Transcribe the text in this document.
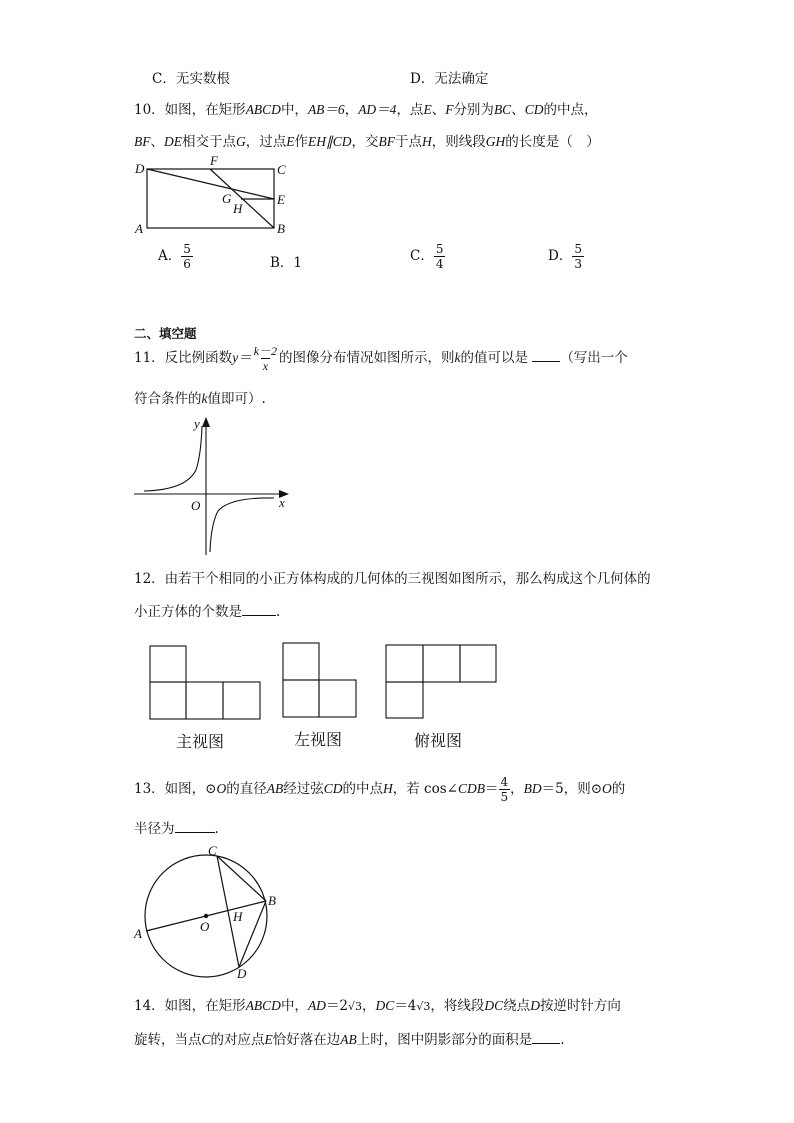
C．无实数根	D．无法确定
10．如图，在矩形ABCD中，AB＝6，AD＝4，点E、F分别为BC、CD的中点，
BF、DE相交于点G，过点E作EH∥CD，交BF于点H，则线段GH的长度是（　）
D
F
C
G
H
E
A	B
A． $\frac{5}{6}$	B．1	C． $\frac{5}{4}$	D． $\frac{5}{3}$
二、填空题
11．反比例函数$y= \frac{k-2}{x}$ 的图像分布情况如图所示，则k的值可以是 （写出一个
符合条件的k值即可）.
y
x
O
12．由若干个相同的小正方体构成的几何体的三视图如图所示，那么构成这个几何体的
小正方体的个数是	.
主视图	左视图	俯视图
13．如图，⊙O的直径AB经过弦CD的中点H，若 cos∠CDB＝ $\frac{4}{5}$ ，BD＝5，则⊙O的
半径为	.
C
B
A	O
H
D
14．如图，在矩形ABCD中，AD＝2√3，DC＝4√3，将线段DC绕点D按逆时针方向
旋转，当点C的对应点E恰好落在边AB上时，图中阴影部分的面积是 .
